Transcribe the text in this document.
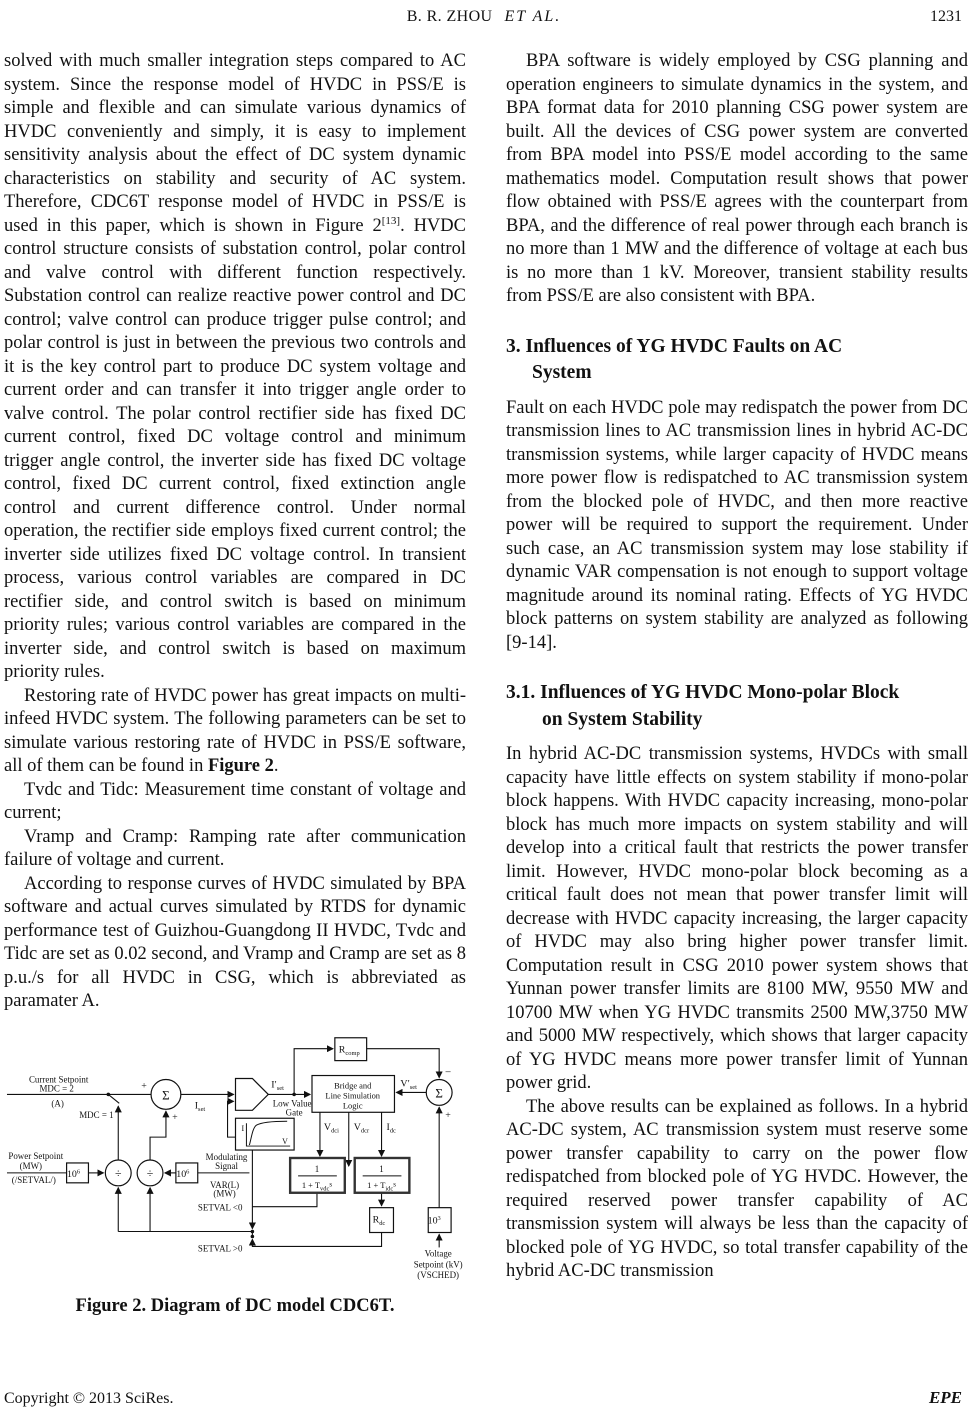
B. R. ZHOU ET AL.	1231

solved with much smaller integration steps compared to AC system. Since the response model of HVDC in PSS/E is simple and flexible and can simulate various dynamics of HVDC conveniently and simply, it is easy to implement sensitivity analysis about the effect of DC system dynamic characteristics on stability and security of AC system. Therefore, CDC6T response model of HVDC in PSS/E is used in this paper, which is shown in Figure 2[13]. HVDC control structure consists of substation control, polar control and valve control with different function respectively. Substation control can realize reactive power control and DC control; valve control can produce trigger pulse control; and polar control is just in between the previous two controls and it is the key control part to produce DC system voltage and current order and can transfer it into trigger angle order to valve control. The polar control rectifier side has fixed DC current control, fixed DC voltage control and minimum trigger angle control, the inverter side has fixed DC voltage control, fixed DC current control, fixed extinction angle control and current difference control. Under normal operation, the rectifier side employs fixed current control; the inverter side utilizes fixed DC voltage control. In transient process, various control variables are compared in DC rectifier side, and control switch is based on minimum priority rules; various control variables are compared in the inverter side, and control switch is based on maximum priority rules.

Restoring rate of HVDC power has great impacts on multi-infeed HVDC system. The following parameters can be set to simulate various restoring rate of HVDC in PSS/E software, all of them can be found in Figure 2.

Tvdc and Tidc: Measurement time constant of voltage and current;

Vramp and Cramp: Ramping rate after communication failure of voltage and current.

According to response curves of HVDC simulated by BPA software and actual curves simulated by RTDS for dynamic performance test of Guizhou-Guangdong II HVDC, Tvdc and Tidc are set as 0.02 second, and Vramp and Cramp are set as 8 p.u./s for all HVDC in CSG, which is abbreviated as paramater A.

Current Setpoint
MDC = 2
(A)
MDC = 1
Σ
+
+
$I_{set}$
$I'_{set}$
Low Value
Gate
$R_{comp}$
Bridge and
Line Simulation
Logic
$V'_{set}$ Σ
−
+
$V_{dci}$ $V_{dcr}$ $I_{dc}$
1
$1 + T_{vdc}^s$
1
$1 + T_{idc}^s$
$R_{dc}$	$10^3$
$10^6$	$10^6$
÷ ÷
Power Setpoint
(MW)
(/SETVAL/)
Modulating
Signal
VAR(L)
(MW)
SETVAL <0
SETVAL >0	Voltage
Setpoint (kV)
(VSCHED)
I
V
Figure 2. Diagram of DC model CDC6T.

BPA software is widely employed by CSG planning and operation engineers to simulate dynamics in the system, and BPA format data for 2010 planning CSG power system are built. All the devices of CSG power system are converted from BPA model into PSS/E model according to the same mathematics model. Computation result shows that power flow obtained with PSS/E agrees with the counterpart from BPA, and the difference of real power through each branch is no more than 1 MW and the difference of voltage at each bus is no more than 1 kV. Moreover, transient stability results from PSS/E are also consistent with BPA.

3. Influences of YG HVDC Faults on AC
System

Fault on each HVDC pole may redispatch the power from DC transmission lines to AC transmission lines in hybrid AC-DC transmission systems, while larger capacity of HVDC means more power flow is redispatched to AC transmission system from the blocked pole of HVDC, and then more reactive power will be required to support the requirement. Under such case, an AC transmission system may lose stability if dynamic VAR compensation is not enough to support voltage magnitude around its nominal rating. Effects of YG HVDC block patterns on system stability are analyzed as following [9-14].

3.1. Influences of YG HVDC Mono-polar Block
on System Stability

In hybrid AC-DC transmission systems, HVDCs with small capacity have little effects on system stability if mono-polar block happens. With HVDC capacity increasing, mono-polar block has much more impacts on system stability and will develop into a critical fault that restricts the power transfer limit. However, HVDC mono-polar block becoming as a critical fault does not mean that power transfer limit will decrease with HVDC capacity increasing, the larger capacity of HVDC may also bring higher power transfer limit. Computation result in CSG 2010 power system shows that Yunnan power transfer limits are 8100 MW, 9550 MW and 10700 MW when YG HVDC transmits 2500 MW,3750 MW and 5000 MW respectively, which shows that larger capacity of YG HVDC means more power transfer limit of Yunnan power grid.

The above results can be explained as follows. In a hybrid AC-DC system, AC transmission system must reserve some power transfer capability to carry on the power flow redispatched from blocked pole of YG HVDC. However, the required reserved power transfer capability of AC transmission system will always be less than the capacity of blocked pole of YG HVDC, so total transfer capability of the hybrid AC-DC transmission

Copyright © 2013 SciRes.	EPE
